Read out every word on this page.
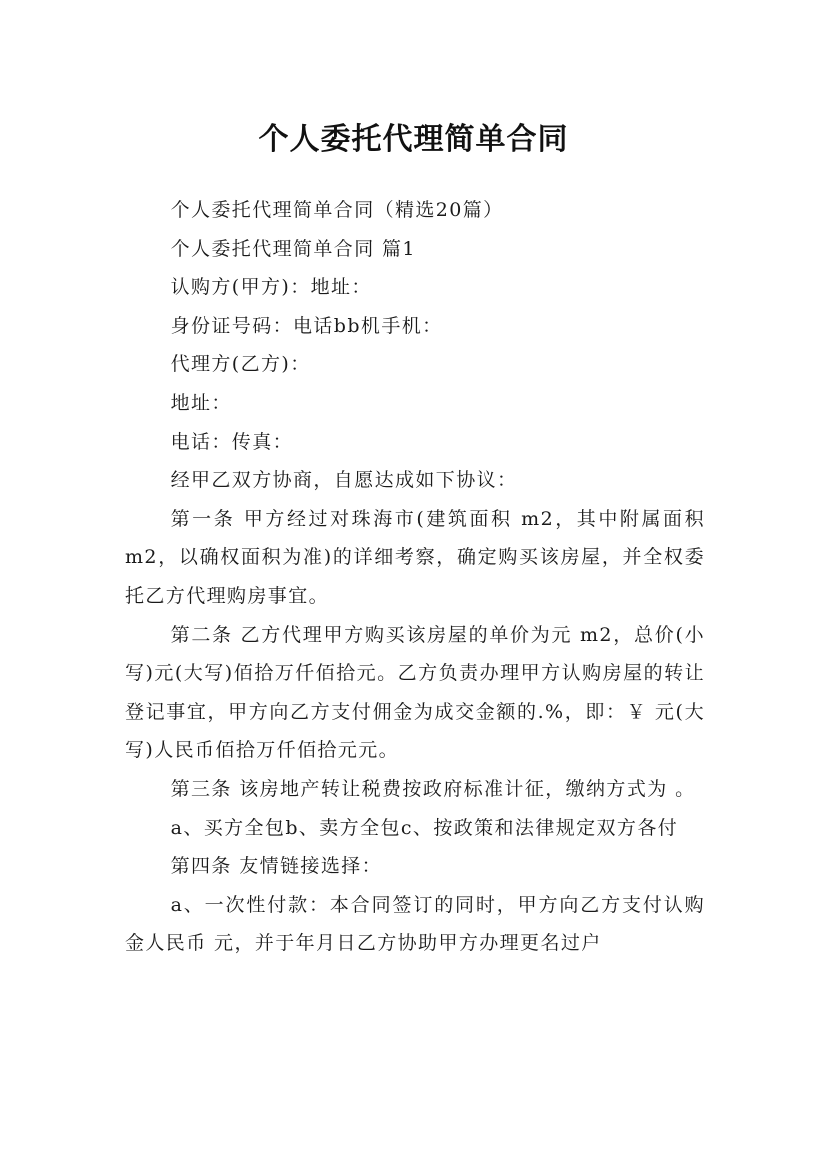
个人委托代理简单合同

个人委托代理简单合同（精选20篇）

个人委托代理简单合同 篇1

认购方(甲方)：地址：

身份证号码：电话bb机手机：

代理方(乙方)：

地址：

电话：传真：

经甲乙双方协商，自愿达成如下协议：

第一条 甲方经过对珠海市(建筑面积 m2，其中附属面积m2，以确权面积为准)的详细考察，确定购买该房屋，并全权委托乙方代理购房事宜。

第二条 乙方代理甲方购买该房屋的单价为元 m2，总价(小写)元(大写)佰拾万仟佰拾元。乙方负责办理甲方认购房屋的转让登记事宜，甲方向乙方支付佣金为成交金额的.%，即：￥ 元(大写)人民币佰拾万仟佰拾元元。

第三条 该房地产转让税费按政府标准计征，缴纳方式为 。

a、买方全包b、卖方全包c、按政策和法律规定双方各付

第四条 友情链接选择：

a、一次性付款：本合同签订的同时，甲方向乙方支付认购金人民币 元，并于年月日乙方协助甲方办理更名过户
